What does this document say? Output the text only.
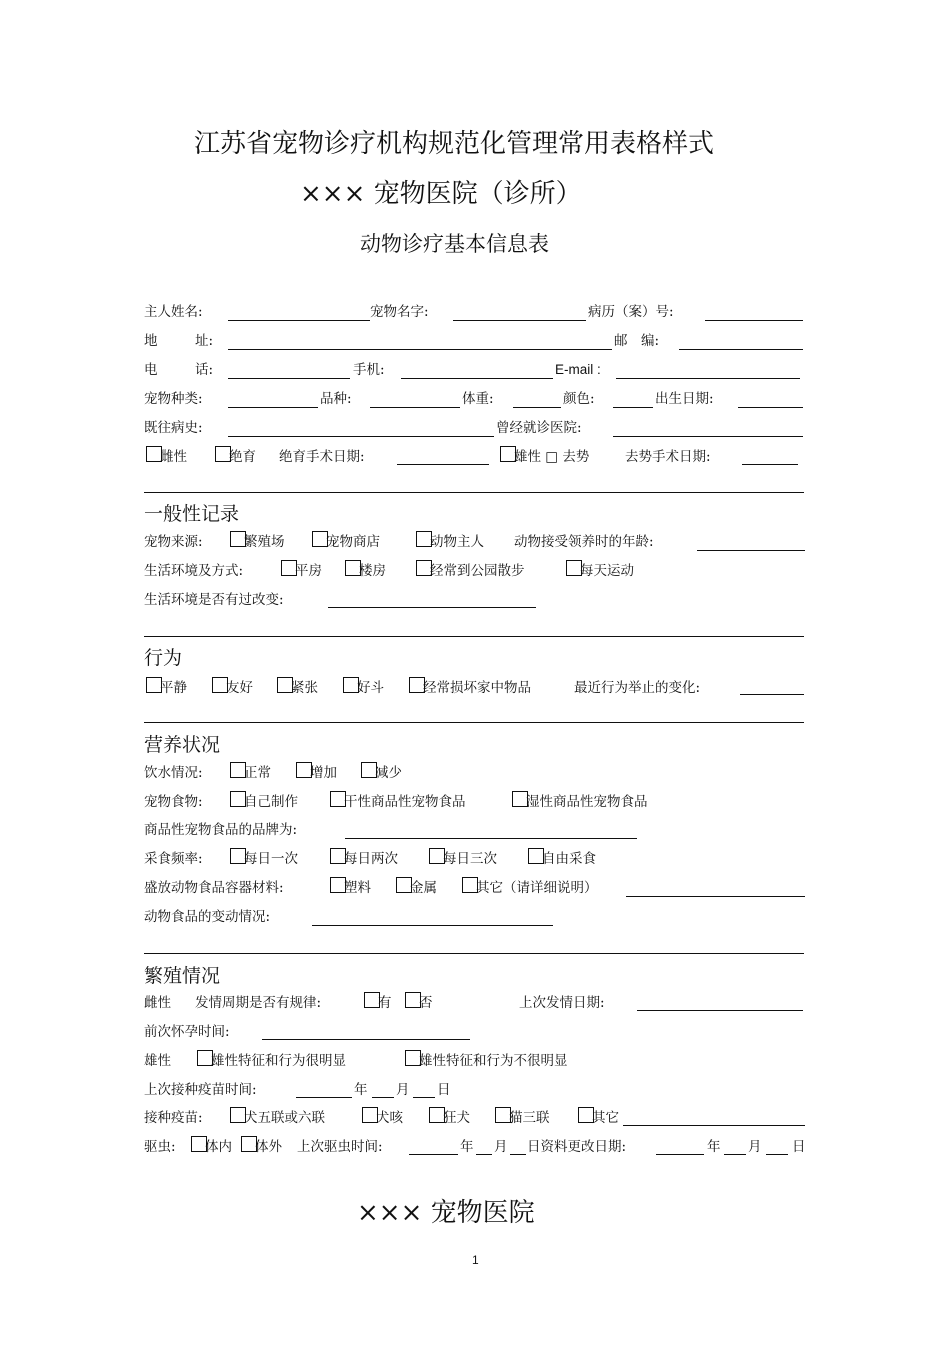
江苏省宠物诊疗机构规范化管理常用表格样式
××× 宠物医院（诊所）
动物诊疗基本信息表
主人姓名:	宠物名字:	病历（案）号:
地	址:	邮　编:
电	话:	手机:	E-mail :
宠物种类:	品种:	体重:	颜色:	出生日期:
既往病史:	曾经就诊医院:
雌性	绝育 绝育手术日期:	雄性 □ 去势	去势手术日期:
一般性记录
宠物来源:	繁殖场	宠物商店	动物主人 动物接受领养时的年龄:
生活环境及方式:	平房	楼房	经常到公园散步	每天运动
生活环境是否有过改变:
行为
平静	友好	紧张	好斗	经常损坏家中物品	最近行为举止的变化:
营养状况
饮水情况:	正常	增加	减少
宠物食物:	自己制作	干性商品性宠物食品	湿性商品性宠物食品
商品性宠物食品的品牌为:
采食频率:	每日一次	每日两次	每日三次	自由采食
盛放动物食品容器材料:	塑料	金属	其它（请详细说明）
动物食品的变动情况:
繁殖情况
雌性 发情周期是否有规律:	有 否	上次发情日期:
前次怀孕时间:
雄性	雄性特征和行为很明显	雄性特征和行为不很明显
上次接种疫苗时间:	年 月 日
接种疫苗:	犬五联或六联	犬咳	狂犬	猫三联	其它
驱虫: 体内 体外 上次驱虫时间:	年 月 日资料更改日期:	年 月 日
××× 宠物医院
1
